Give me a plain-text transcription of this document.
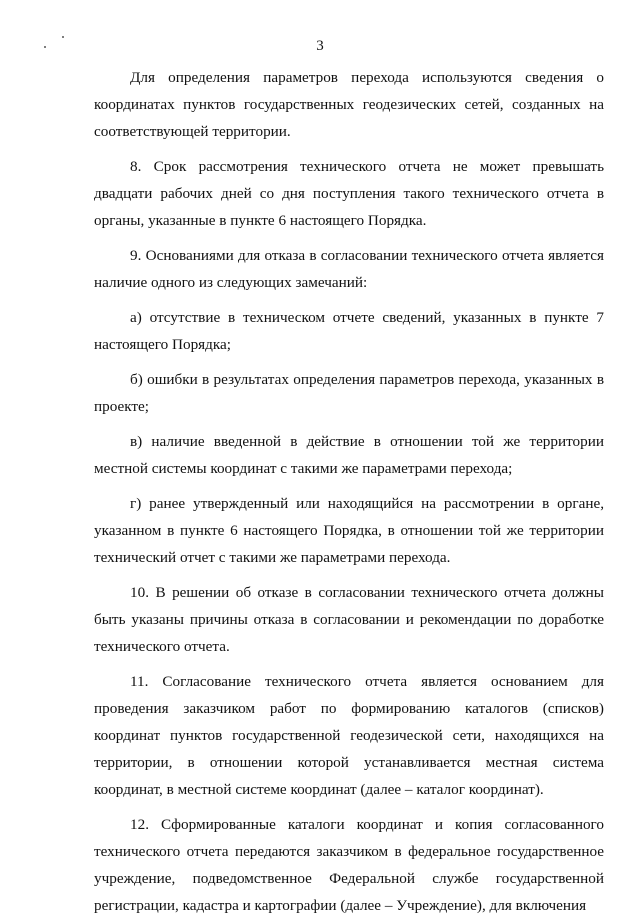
3

Для определения параметров перехода используются сведения о координатах пунктов государственных геодезических сетей, созданных на соответствующей территории.

8. Срок рассмотрения технического отчета не может превышать двадцати рабочих дней со дня поступления такого технического отчета в органы, указанные в пункте 6 настоящего Порядка.

9. Основаниями для отказа в согласовании технического отчета является наличие одного из следующих замечаний:

а) отсутствие в техническом отчете сведений, указанных в пункте 7 настоящего Порядка;

б) ошибки в результатах определения параметров перехода, указанных в проекте;

в) наличие введенной в действие в отношении той же территории местной системы координат с такими же параметрами перехода;

г) ранее утвержденный или находящийся на рассмотрении в органе, указанном в пункте 6 настоящего Порядка, в отношении той же территории технический отчет с такими же параметрами перехода.

10. В решении об отказе в согласовании технического отчета должны быть указаны причины отказа в согласовании и рекомендации по доработке технического отчета.

11. Согласование технического отчета является основанием для проведения заказчиком работ по формированию каталогов (списков) координат пунктов государственной геодезической сети, находящихся на территории, в отношении которой устанавливается местная система координат, в местной системе координат (далее – каталог координат).

12. Сформированные каталоги координат и копия согласованного технического отчета передаются заказчиком в федеральное государственное учреждение, подведомственное Федеральной службе государственной регистрации, кадастра и картографии (далее – Учреждение), для включения
